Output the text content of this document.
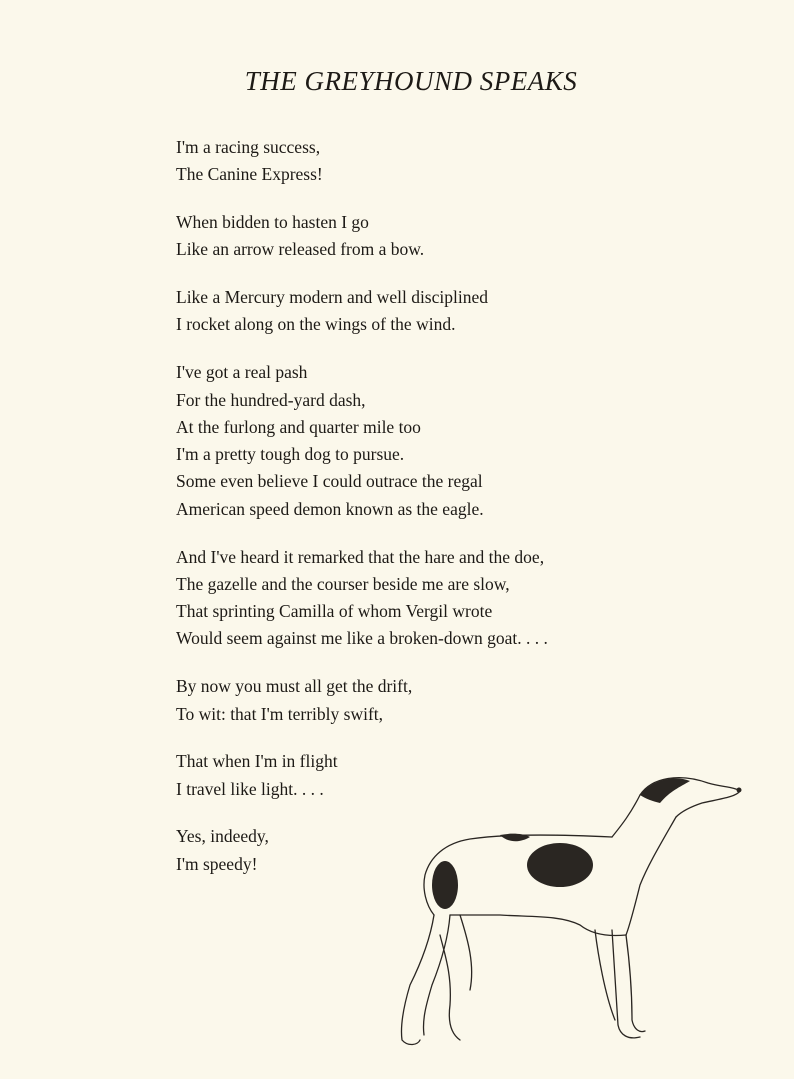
THE GREYHOUND SPEAKS
I'm a racing success,
The Canine Express!
When bidden to hasten I go
Like an arrow released from a bow.
Like a Mercury modern and well disciplined
I rocket along on the wings of the wind.
I've got a real pash
For the hundred-yard dash,
At the furlong and quarter mile too
I'm a pretty tough dog to pursue.
Some even believe I could outrace the regal
American speed demon known as the eagle.
And I've heard it remarked that the hare and the doe,
The gazelle and the courser beside me are slow,
That sprinting Camilla of whom Vergil wrote
Would seem against me like a broken-down goat. . . .
By now you must all get the drift,
To wit: that I'm terribly swift,
That when I'm in flight
I travel like light. . . .
Yes, indeedy,
I'm speedy!
